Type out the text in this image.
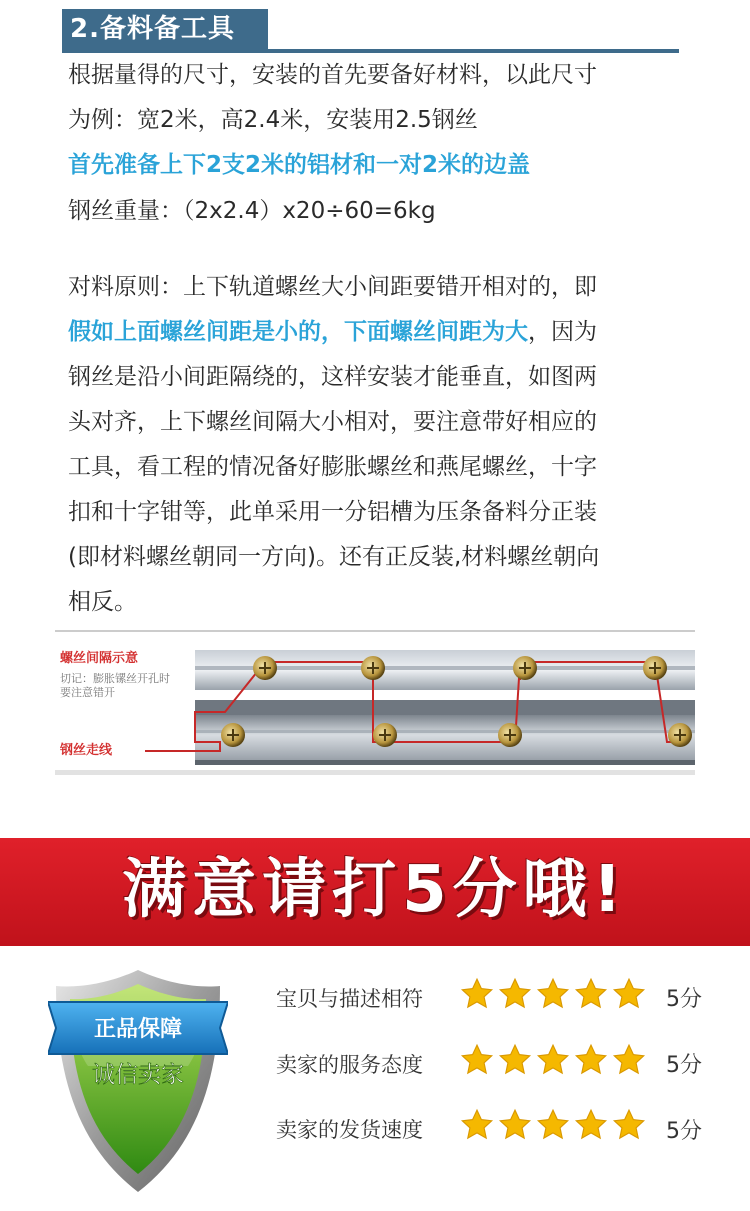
2.备料备工具
根据量得的尺寸，安装的首先要备好材料，以此尺寸
为例：宽2米，高2.4米，安装用2.5钢丝
首先准备上下2支2米的铝材和一对2米的边盖
钢丝重量：（2x2.4）x20÷60=6kg
对料原则：上下轨道螺丝大小间距要错开相对的，即
假如上面螺丝间距是小的，下面螺丝间距为大，因为
钢丝是沿小间距隔绕的，这样安装才能垂直，如图两
头对齐，上下螺丝间隔大小相对，要注意带好相应的
工具，看工程的情况备好膨胀螺丝和燕尾螺丝，十字
扣和十字钳等，此单采用一分铝槽为压条备料分正装
(即材料螺丝朝同一方向)。还有正反装,材料螺丝朝向
相反。
螺丝间隔示意
切记：膨胀镙丝开孔时
要注意错开
钢丝走线
满意请打5分哦!
正品保障
诚信卖家
宝贝与描述相符	5分
卖家的服务态度	5分
卖家的发货速度	5分
